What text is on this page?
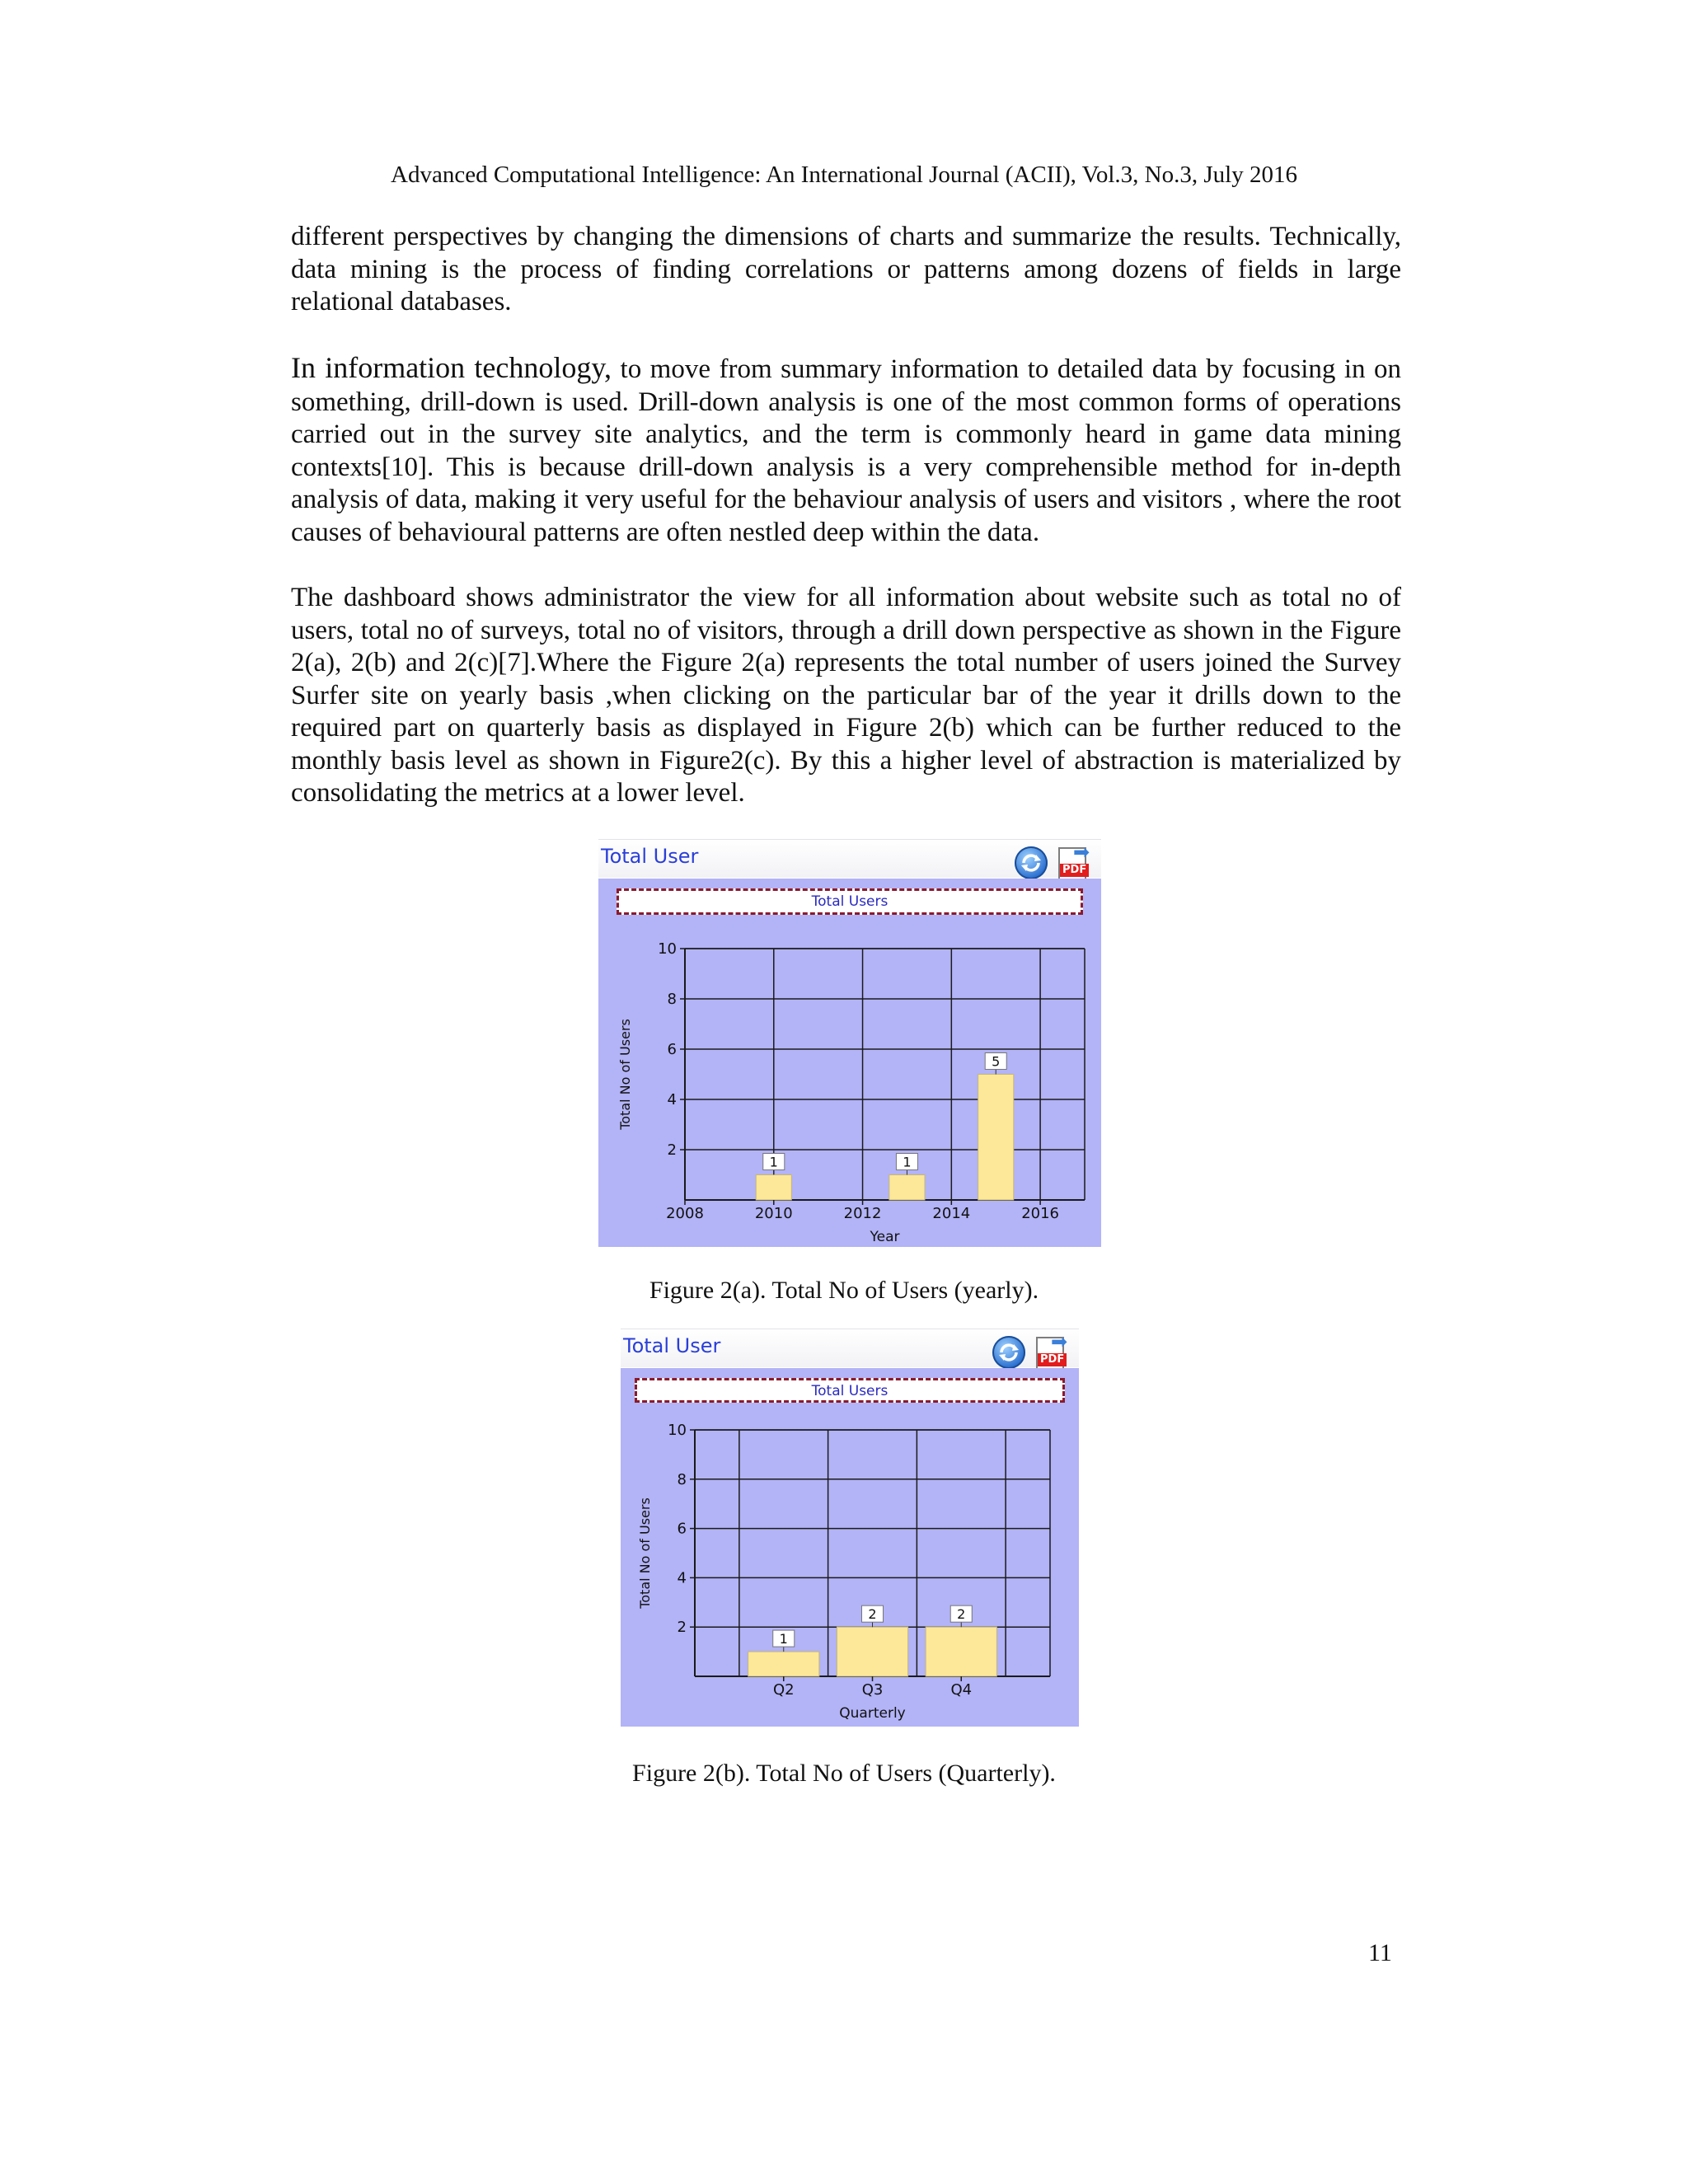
Advanced Computational Intelligence: An International Journal (ACII), Vol.3, No.3, July 2016

different perspectives by changing the dimensions of charts and summarize the results. Technically, data mining is the process of finding correlations or patterns among dozens of fields in large relational databases.

In information technology, to move from summary information to detailed data by focusing in on something, drill-down is used. Drill-down analysis is one of the most common forms of operations carried out in the survey site analytics, and the term is commonly heard in game data mining contexts[10]. This is because drill-down analysis is a very comprehensible method for in-depth analysis of data, making it very useful for the behaviour analysis of users and visitors , where the root causes of behavioural patterns are often nestled deep within the data.

The dashboard shows administrator the view for all information about website such as total no of users, total no of surveys, total no of visitors, through a drill down perspective as shown in the Figure 2(a), 2(b) and 2(c)[7].Where the Figure 2(a) represents the total number of users joined the Survey Surfer site on yearly basis ,when clicking on the particular bar of the year it drills down to the required part on quarterly basis as displayed in Figure 2(b) which can be further reduced to the monthly basis level as shown in Figure2(c). By this a higher level of abstraction is materialized by consolidating the metrics at a lower level.

Total User	➡
PDF
Total Users
1	1
5
2
4
6
8
10
2008	2010	2012	2014	2016
Year
Total No of Users
Figure 2(a). Total No of Users (yearly).
Total User	➡
PDF
Total Users
1
2	2
2
4
6
8
10
Q2	Q3	Q4
Quarterly
Total No of Users
Figure 2(b). Total No of Users (Quarterly).
11
